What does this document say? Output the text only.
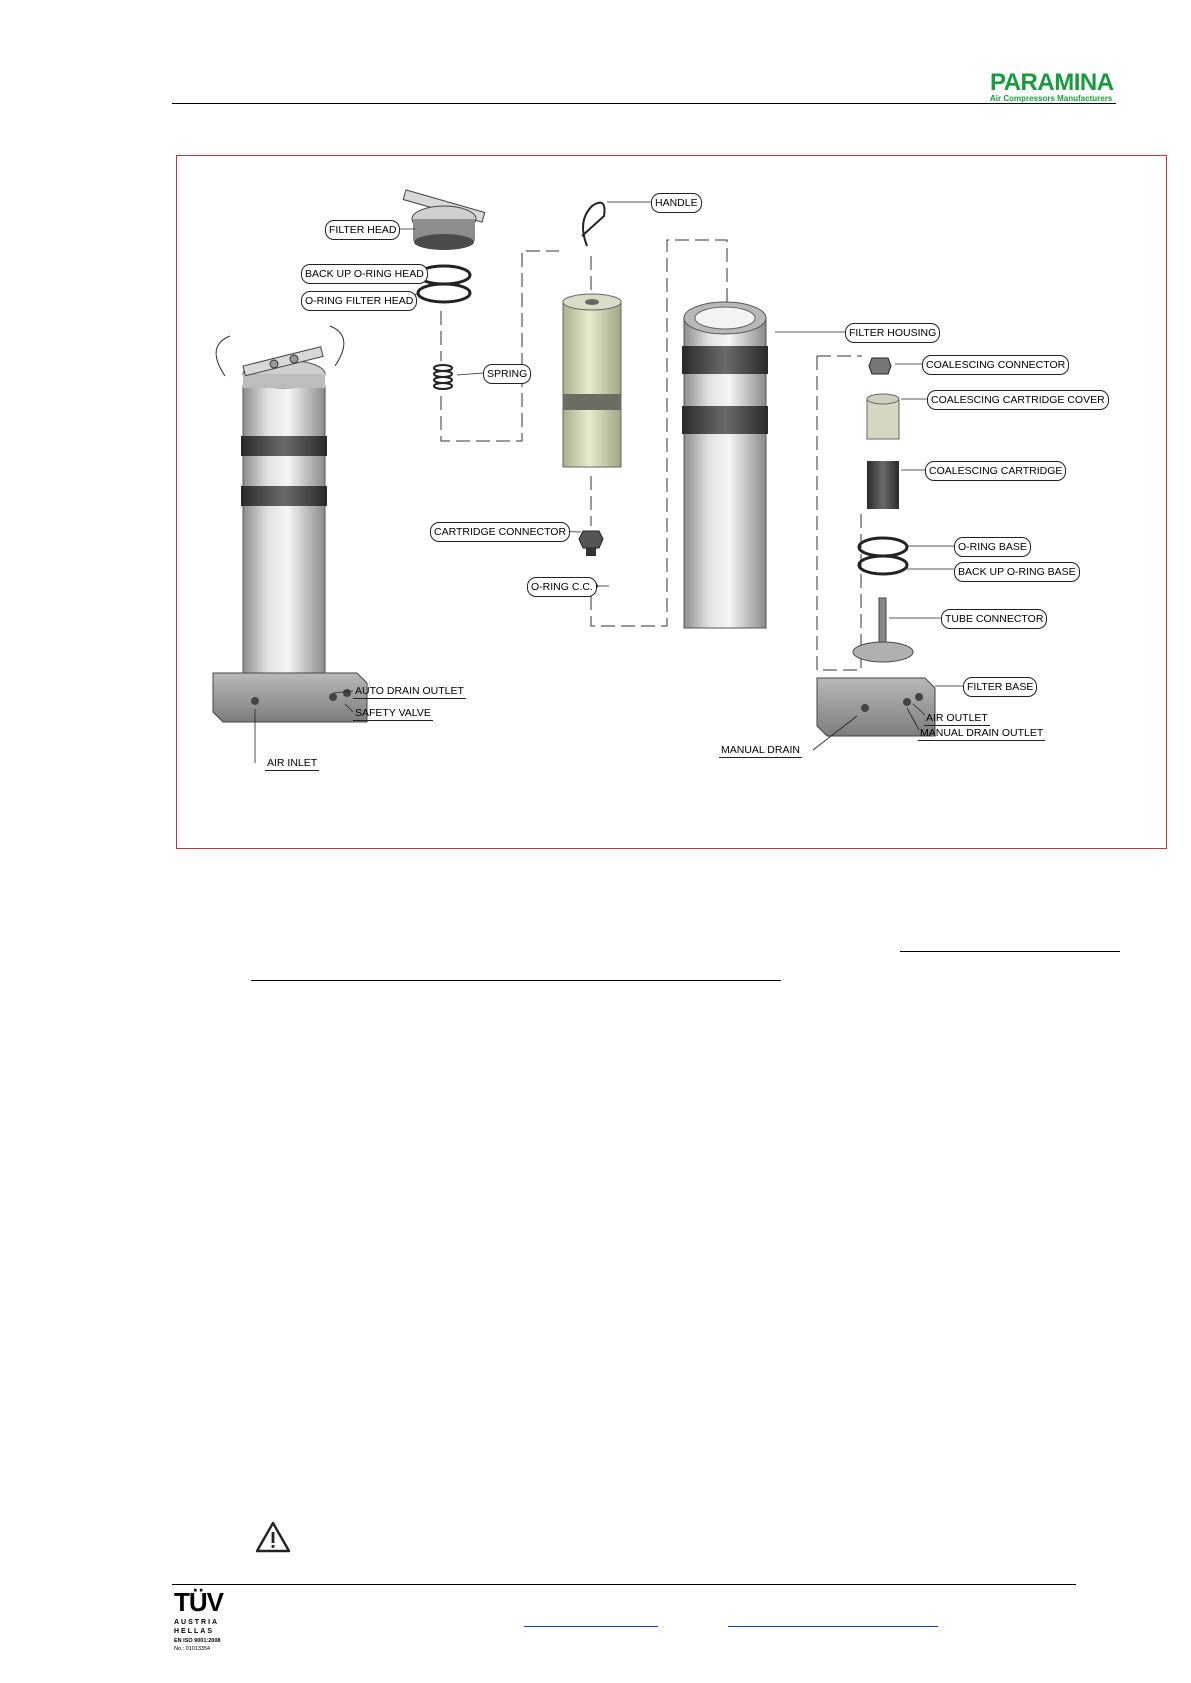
PARAMINA
Air Compressors Manufacturers
FILTER HEAD
BACK UP O-RING HEAD
O-RING FILTER HEAD
SPRING
HANDLE
CARTRIDGE CONNECTOR
O-RING C.C.
FILTER HOUSING
COALESCING CONNECTOR
COALESCING CARTRIDGE COVER
COALESCING CARTRIDGE
O-RING BASE
BACK UP O-RING BASE
TUBE CONNECTOR
FILTER BASE
AUTO DRAIN OUTLET
SAFETY VALVE
AIR INLET
AIR OUTLET
MANUAL DRAIN OUTLET
MANUAL DRAIN
TÜV
AUSTRIA
HELLAS
EN ISO 9001:2008
No.: 01013354
